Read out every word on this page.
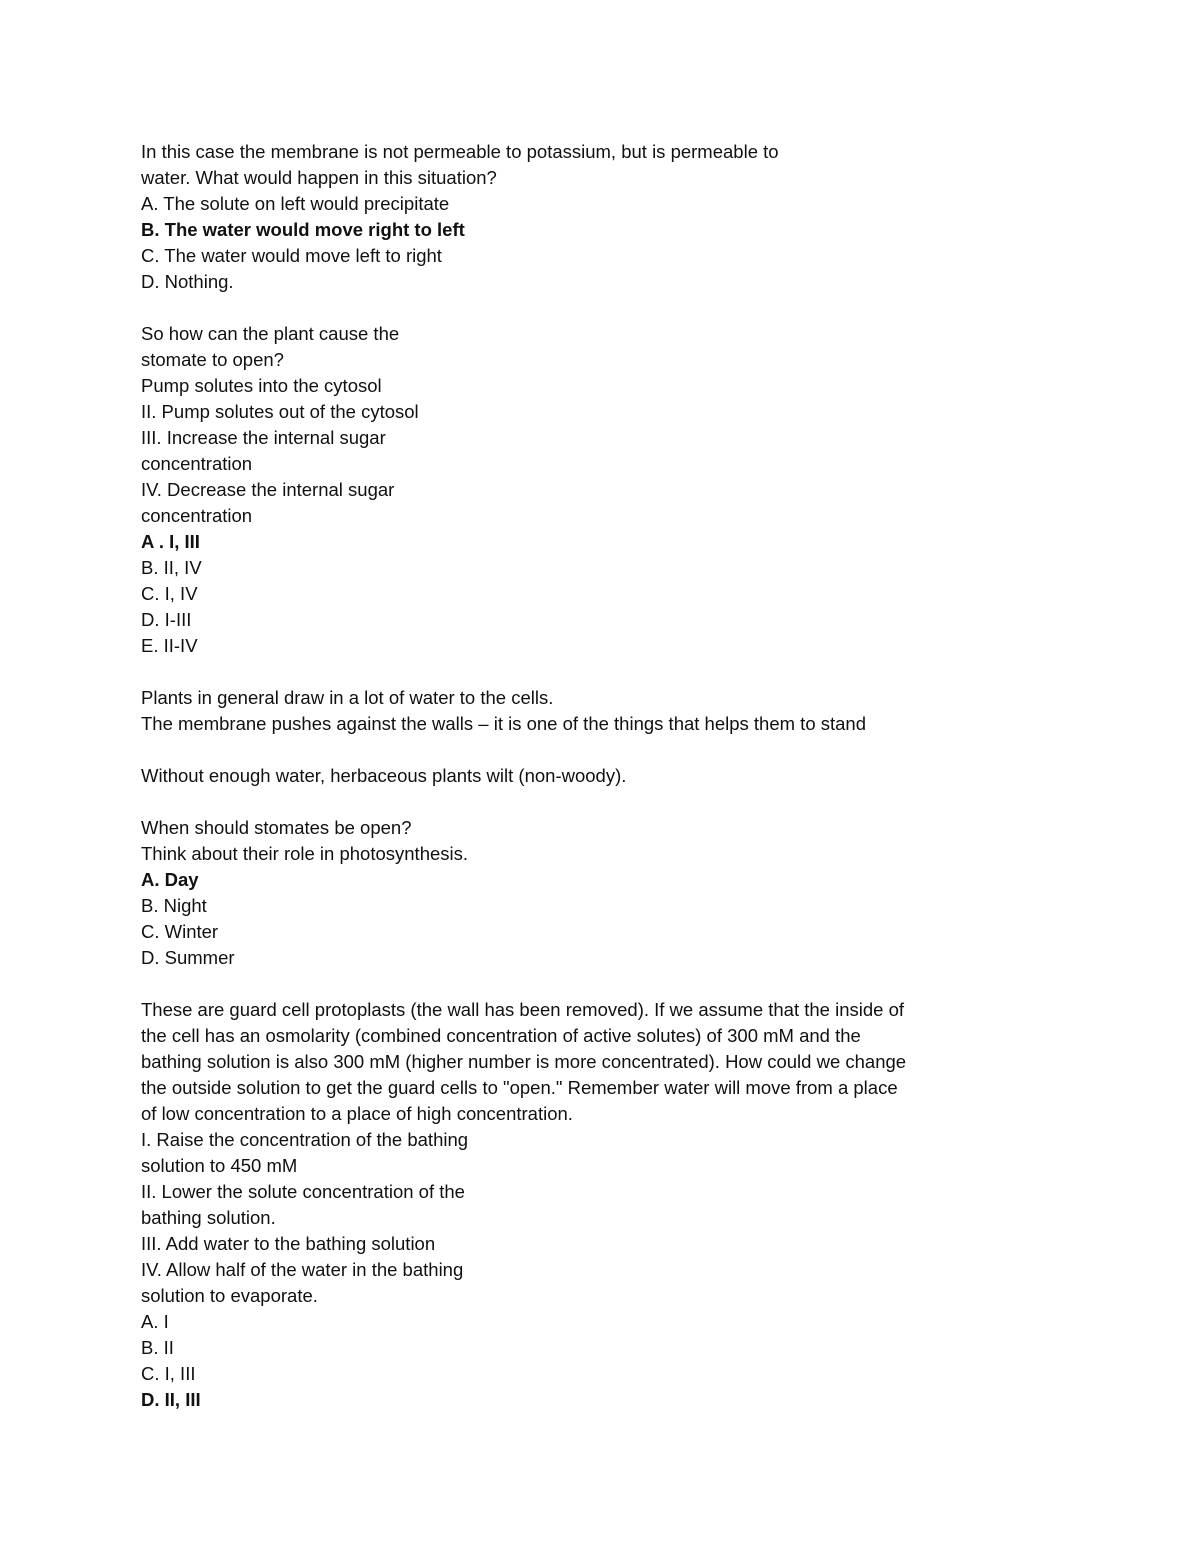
In this case the membrane is not permeable to potassium, but is permeable to
water. What would happen in this situation?
A. The solute on left would precipitate
B. The water would move right to left
C. The water would move left to right
D. Nothing.
So how can the plant cause the
stomate to open?
Pump solutes into the cytosol
II. Pump solutes out of the cytosol
III. Increase the internal sugar
concentration
IV. Decrease the internal sugar
concentration
A . I, III
B. II, IV
C. I, IV
D. I-III
E. II-IV
Plants in general draw in a lot of water to the cells.
The membrane pushes against the walls – it is one of the things that helps them to stand
Without enough water, herbaceous plants wilt (non-woody).
When should stomates be open?
Think about their role in photosynthesis.
A. Day
B. Night
C. Winter
D. Summer
These are guard cell protoplasts (the wall has been removed). If we assume that the inside of
the cell has an osmolarity (combined concentration of active solutes) of 300 mM and the
bathing solution is also 300 mM (higher number is more concentrated). How could we change
the outside solution to get the guard cells to "open." Remember water will move from a place
of low concentration to a place of high concentration.
I. Raise the concentration of the bathing
solution to 450 mM
II. Lower the solute concentration of the
bathing solution.
III. Add water to the bathing solution
IV. Allow half of the water in the bathing
solution to evaporate.
A. I
B. II
C. I, III
D. II, III
